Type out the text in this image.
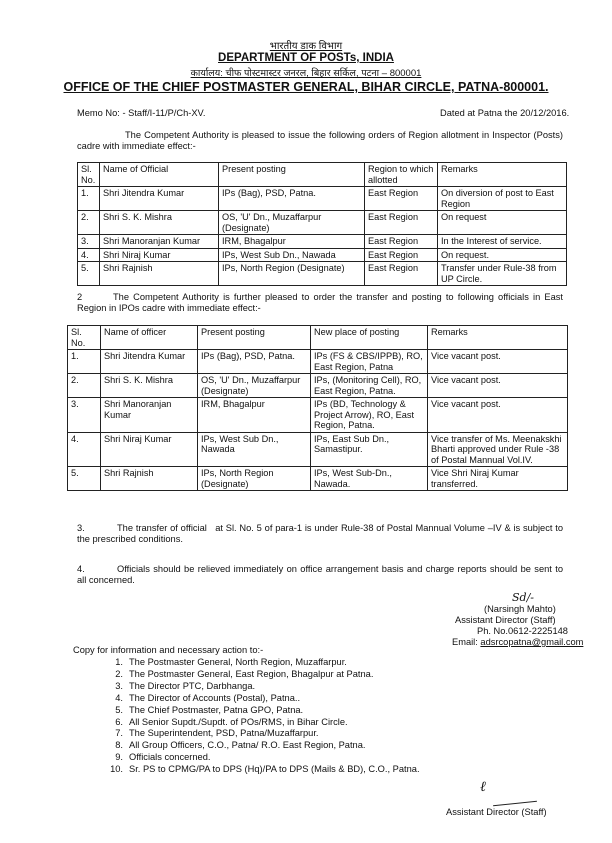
भारतीय डाक विभाग
DEPARTMENT OF POSTs, INDIA
कार्यालय: चीफ पोस्टमास्टर जनरल, बिहार सर्किल, पटना – 800001
OFFICE OF THE CHIEF POSTMASTER GENERAL, BIHAR CIRCLE, PATNA-800001.
Memo No: - Staff/I-11/P/Ch-XV.	Dated at Patna the 20/12/2016.
The Competent Authority is pleased to issue the following orders of Region allotment in Inspector (Posts) cadre with immediate effect:-
Sl. No.	Name of Official	Present posting	Region to which allotted	Remarks
1.	Shri Jitendra Kumar	IPs (Bag), PSD, Patna.	East Region	On diversion of post to East Region
2.	Shri S. K. Mishra	OS, 'U' Dn., Muzaffarpur (Designate)	East Region	On request
3.	Shri Manoranjan Kumar	IRM, Bhagalpur	East Region	In the Interest of service.
4.	Shri Niraj Kumar	IPs, West Sub Dn., Nawada	East Region	On request.
5.	Shri Rajnish	IPs, North Region (Designate)	East Region	Transfer under Rule-38 from UP Circle.
2	The Competent Authority is further pleased to order the transfer and posting to following officials in East Region in IPOs cadre with immediate effect:-
Sl. No.	Name of officer	Present posting	New place of posting	Remarks
1.	Shri Jitendra Kumar	IPs (Bag), PSD, Patna.	IPs (FS & CBS/IPPB), RO, East Region, Patna	Vice vacant post.
2.	Shri S. K. Mishra	OS, 'U' Dn., Muzaffarpur (Designate)	IPs, (Monitoring Cell), RO, East Region, Patna.	Vice vacant post.
3.	Shri Manoranjan Kumar	IRM, Bhagalpur	IPs (BD, Technology & Project Arrow), RO, East Region, Patna.	Vice vacant post.
4.	Shri Niraj Kumar	IPs, West Sub Dn., Nawada	IPs, East Sub Dn., Samastipur.	Vice transfer of Ms. Meenakskhi Bharti approved under Rule -38 of Postal Mannual Vol.IV.
5.	Shri Rajnish	IPs, North Region (Designate)	IPs, West Sub-Dn., Nawada.	Vice Shri Niraj Kumar transferred.
3.	The transfer of official   at Sl. No. 5 of para-1 is under Rule-38 of Postal Mannual Volume –IV & is subject to the prescribed conditions.
4.	Officials should be relieved immediately on office arrangement basis and charge reports should be sent to all concerned.
Sd/-
(Narsingh Mahto)
Assistant Director (Staff)
Ph. No.0612-2225148
Email: adsrcopatna@gmail.com
Copy for information and necessary action to:-
1. The Postmaster General, North Region, Muzaffarpur.
2. The Postmaster General, East Region, Bhagalpur at Patna.
3. The Director PTC, Darbhanga.
4. The Director of Accounts (Postal), Patna..
5. The Chief Postmaster, Patna GPO, Patna.
6. All Senior Supdt./Supdt. of POs/RMS, in Bihar Circle.
7. The Superintendent, PSD, Patna/Muzaffarpur.
8. All Group Officers, C.O., Patna/ R.O. East Region, Patna.
9. Officials concerned.
10. Sr. PS to CPMG/PA to DPS (Hq)/PA to DPS (Mails & BD), C.O., Patna.
ℓ
Assistant Director (Staff)
